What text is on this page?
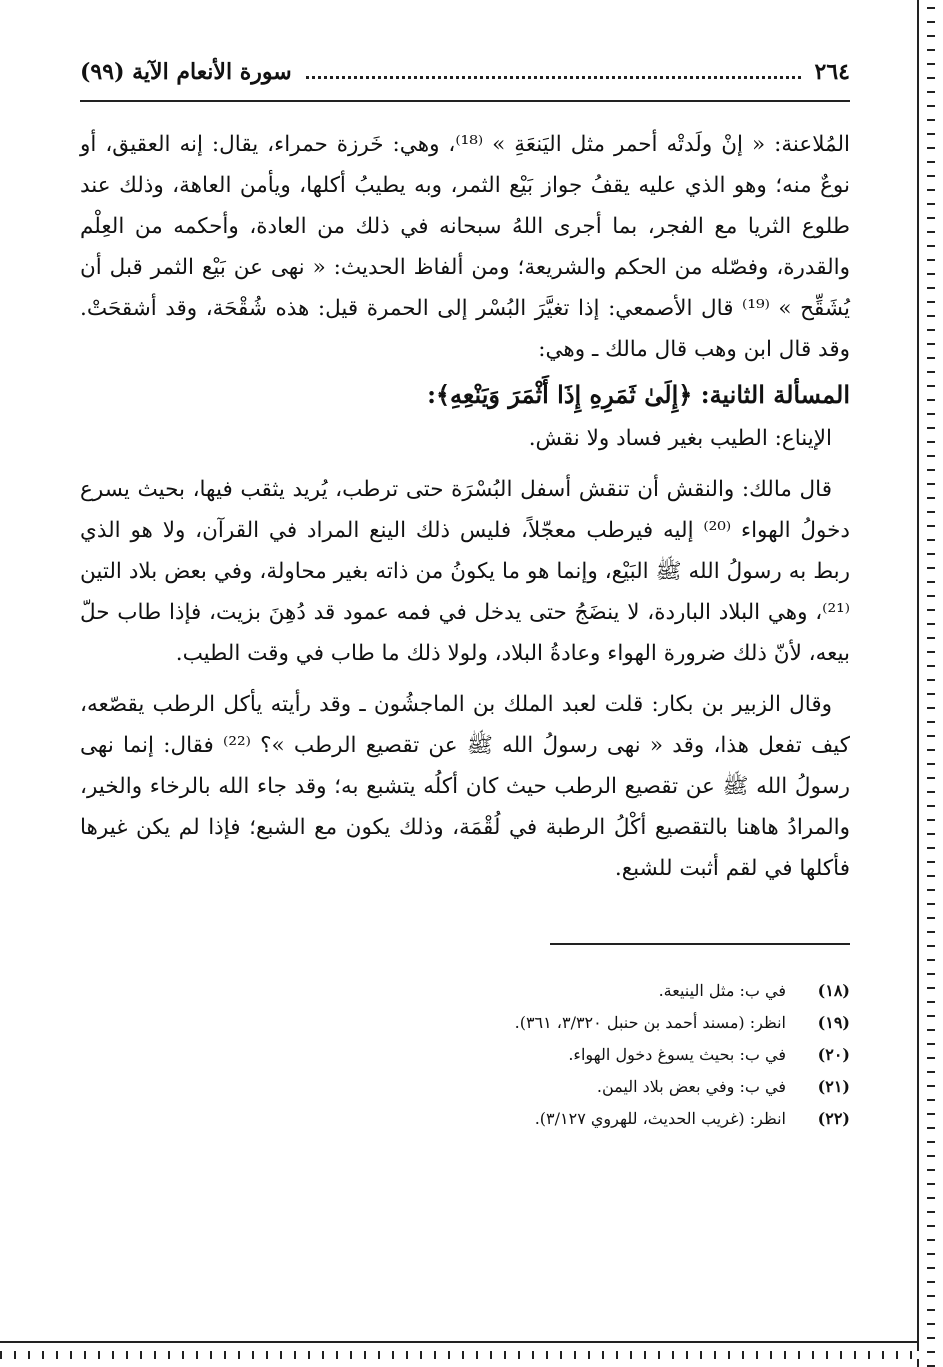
٢٦٤
سورة الأنعام الآية (٩٩)

المُلاعنة: « إنْ ولَدتْه أحمر مثل اليَنعَةِ » ⁽¹⁸⁾، وهي: خَرزة حمراء، يقال: إنه العقيق، أو نوعٌ منه؛ وهو الذي عليه يقفُ جواز بَيْع الثمر، وبه يطيبُ أكلها، ويأمن العاهة، وذلك عند طلوع الثريا مع الفجر، بما أجرى اللهُ سبحانه في ذلك من العادة، وأحكمه من العِلْم والقدرة، وفصّله من الحكم والشريعة؛ ومن ألفاظ الحديث: « نهى عن بَيْع الثمر قبل أن يُشَقِّح » ⁽¹⁹⁾ قال الأصمعي: إذا تغيَّرَ البُسْر إلى الحمرة قيل: هذه شُقْحَة، وقد أشقحَتْ. وقد قال ابن وهب قال مالك ـ وهي:

المسألة الثانية: ﴿إِلَىٰ ثَمَرِهِ إِذَا أَثْمَرَ وَيَنْعِهِ﴾:

الإيناع: الطيب بغير فساد ولا نقش.

قال مالك: والنقش أن تنقش أسفل البُسْرَة حتى ترطب، يُريد يثقب فيها، بحيث يسرع دخولُ الهواء ⁽²⁰⁾ إليه فيرطب معجّلاً، فليس ذلك الينع المراد في القرآن، ولا هو الذي ربط به رسولُ الله ﷺ البَيْع، وإنما هو ما يكونُ من ذاته بغير محاولة، وفي بعض بلاد التين ⁽²¹⁾، وهي البلاد الباردة، لا ينضَجُ حتى يدخل في فمه عمود قد دُهِنَ بزيت، فإذا طاب حلّ بيعه، لأنّ ذلك ضرورة الهواء وعادةُ البلاد، ولولا ذلك ما طاب في وقت الطيب.

وقال الزبير بن بكار: قلت لعبد الملك بن الماجشُون ـ وقد رأيته يأكل الرطب يقصّعه، كيف تفعل هذا، وقد « نهى رسولُ الله ﷺ عن تقصيع الرطب »؟ ⁽²²⁾ فقال: إنما نهى رسولُ الله ﷺ عن تقصيع الرطب حيث كان أكلُه يتشبع به؛ وقد جاء الله بالرخاء والخير، والمرادُ هاهنا بالتقصيع أكْلُ الرطبة في لُقْمَة، وذلك يكون مع الشبع؛ فإذا لم يكن غيرها فأكلها في لقم أثبت للشبع.

(١٨)
في ب: مثل الينيعة.
(١٩)
انظر: (مسند أحمد بن حنبل ٣/٣٢٠، ٣٦١).
(٢٠)
في ب: بحيث يسوغ دخول الهواء.
(٢١)
في ب: وفي بعض بلاد اليمن.
(٢٢)
انظر: (غريب الحديث، للهروي ٣/١٢٧).
